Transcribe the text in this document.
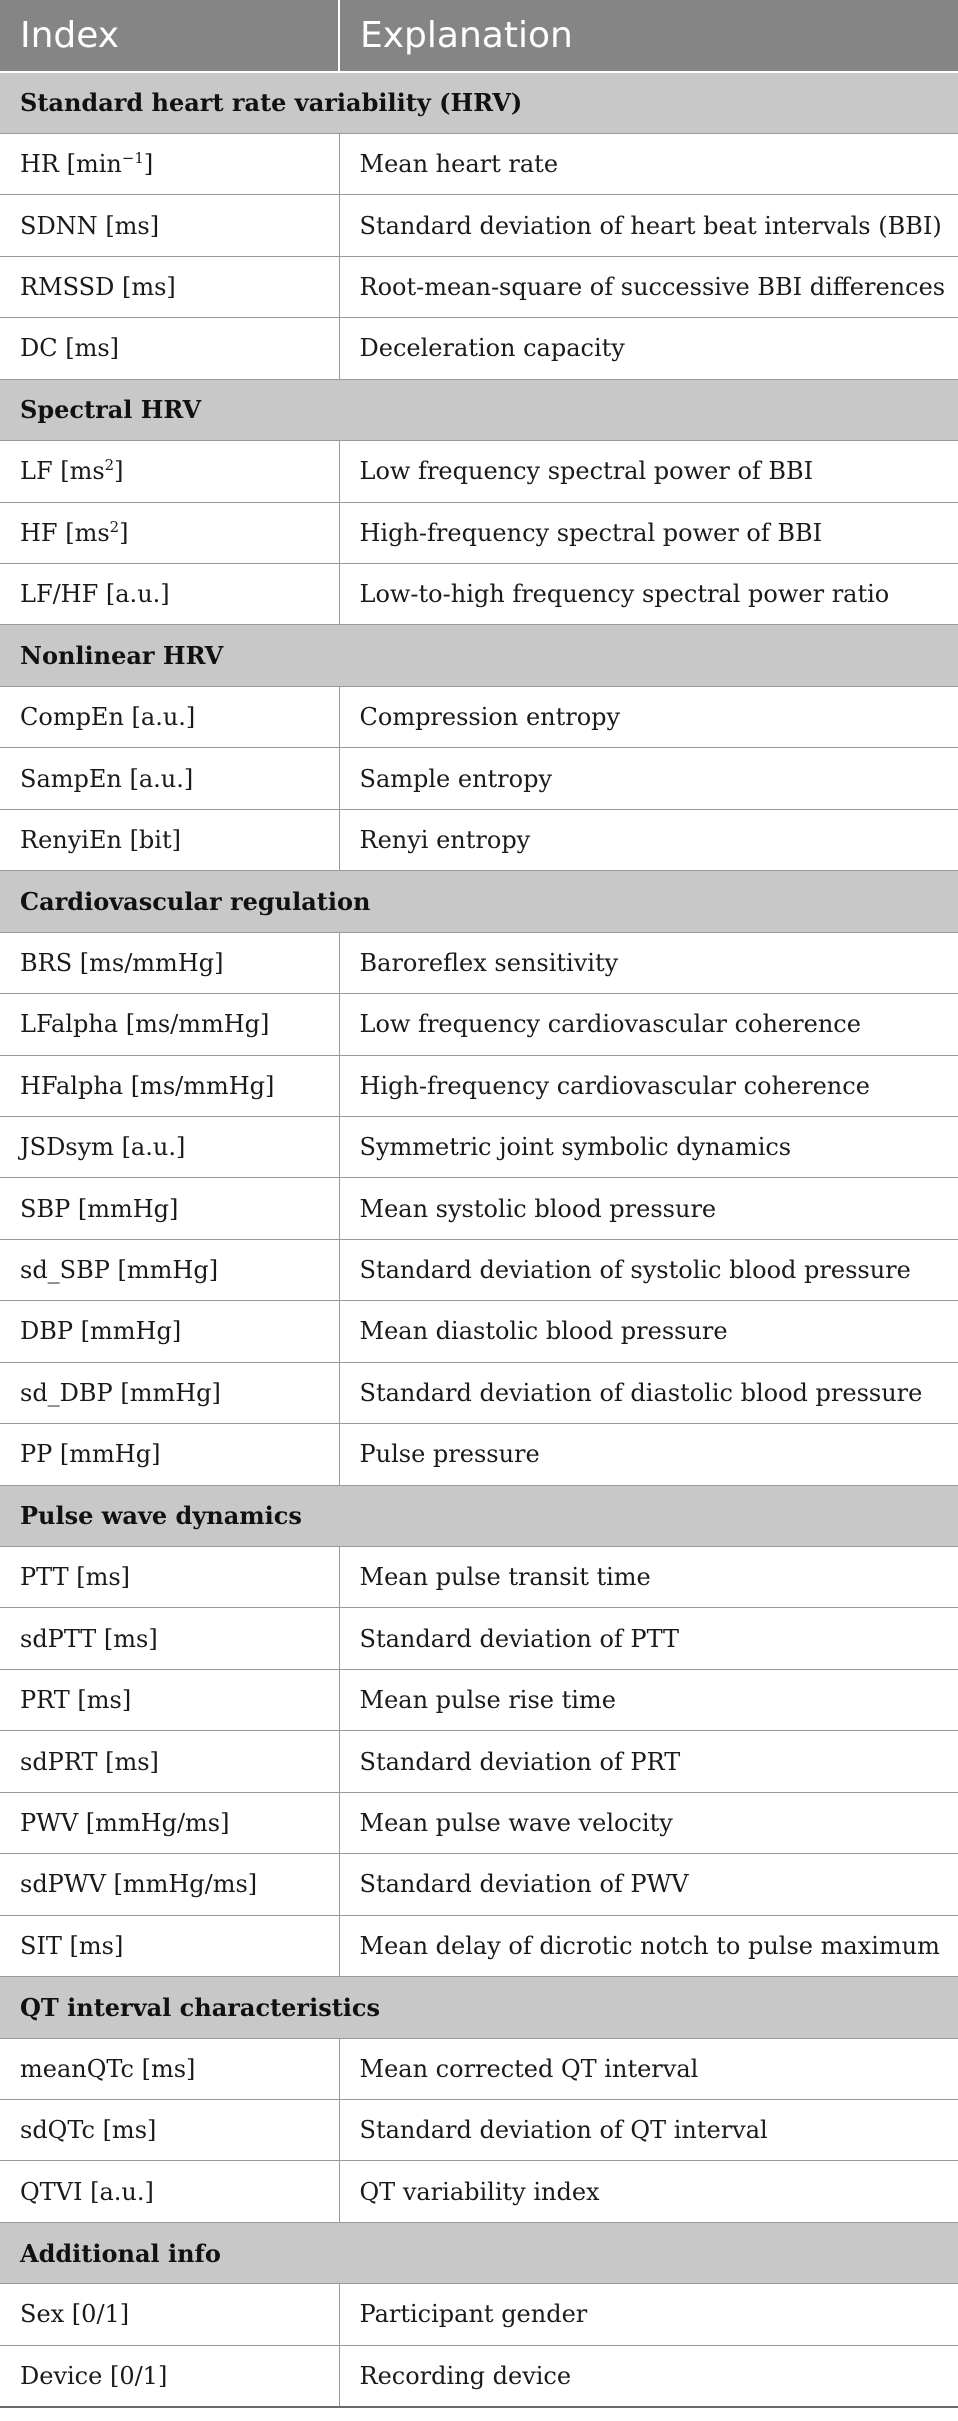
Index	Explanation
Standard heart rate variability (HRV)	
HR $[\min^{-1}]$	Mean heart rate
SDNN [ms]	Standard deviation of heart beat intervals (BBI)
RMSSD [ms]	Root-mean-square of successive BBI differences
DC [ms]	Deceleration capacity
Spectral HRV	
LF $[ms^2]$	Low frequency spectral power of BBI
HF $[ms^2]$	High-frequency spectral power of BBI
LF/HF [a.u.]	Low-to-high frequency spectral power ratio
Nonlinear HRV	
CompEn [a.u.]	Compression entropy
SampEn [a.u.]	Sample entropy
RenyiEn [bit]	Renyi entropy
Cardiovascular regulation	
BRS [ms/mmHg]	Baroreflex sensitivity
LFalpha [ms/mmHg]	Low frequency cardiovascular coherence
HFalpha [ms/mmHg]	High-frequency cardiovascular coherence
JSDsym [a.u.]	Symmetric joint symbolic dynamics
SBP [mmHg]	Mean systolic blood pressure
sd_SBP [mmHg]	Standard deviation of systolic blood pressure
DBP [mmHg]	Mean diastolic blood pressure
sd_DBP [mmHg]	Standard deviation of diastolic blood pressure
PP [mmHg]	Pulse pressure
Pulse wave dynamics	
PTT [ms]	Mean pulse transit time
sdPTT [ms]	Standard deviation of PTT
PRT [ms]	Mean pulse rise time
sdPRT [ms]	Standard deviation of PRT
PWV [mmHg/ms]	Mean pulse wave velocity
sdPWV [mmHg/ms]	Standard deviation of PWV
SIT [ms]	Mean delay of dicrotic notch to pulse maximum
QT interval characteristics	
meanQTc [ms]	Mean corrected QT interval
sdQTc [ms]	Standard deviation of QT interval
QTVI [a.u.]	QT variability index
Additional info	
Sex [0/1]	Participant gender
Device [0/1]	Recording device
